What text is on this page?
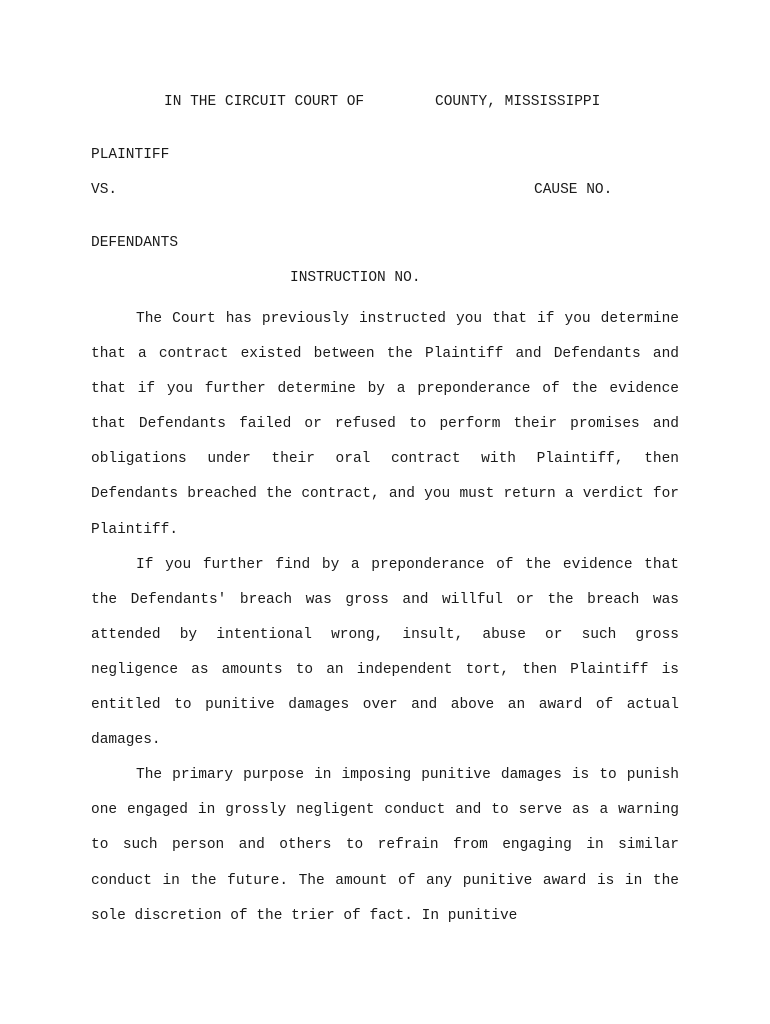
IN THE CIRCUIT COURT OF	COUNTY, MISSISSIPPI
PLAINTIFF
VS.	CAUSE NO.
DEFENDANTS
INSTRUCTION NO.

The Court has previously instructed you that if you determine that a contract existed between the Plaintiff and Defendants and that if you further determine by a preponderance of the evidence that Defendants failed or refused to perform their promises and obligations under their oral contract with Plaintiff, then Defendants breached the contract, and you must return a verdict for Plaintiff.

If you further find by a preponderance of the evidence that the Defendants' breach was gross and willful or the breach was attended by intentional wrong, insult, abuse or such gross negligence as amounts to an independent tort, then Plaintiff is entitled to punitive damages over and above an award of actual damages.

The primary purpose in imposing punitive damages is to punish one engaged in grossly negligent conduct and to serve as a warning to such person and others to refrain from engaging in similar conduct in the future. The amount of any punitive award is in the sole discretion of the trier of fact. In punitive
